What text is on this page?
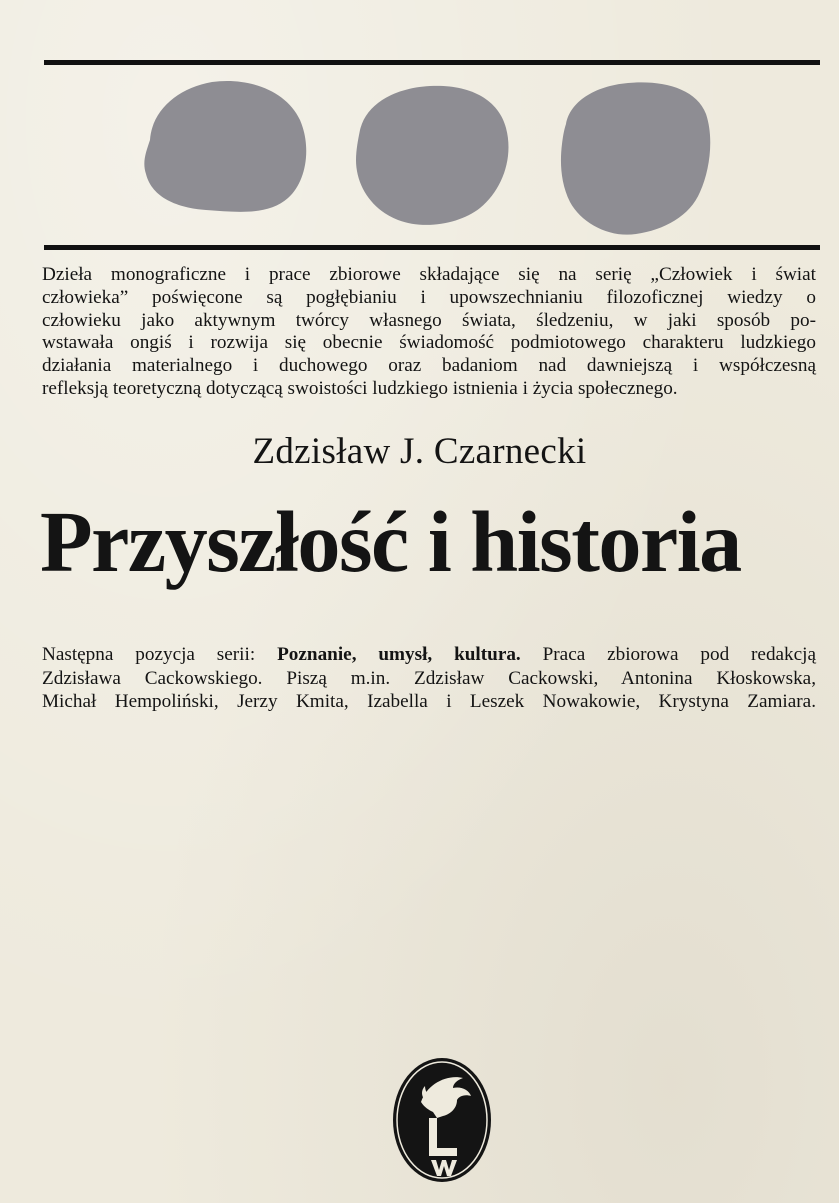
Dzieła monograficzne i prace zbiorowe składające się na serię „Człowiek i świat
człowieka” poświęcone są pogłębianiu i upowszechnianiu filozoficznej wiedzy o
człowieku jako aktywnym twórcy własnego świata, śledzeniu, w jaki sposób po-
wstawała ongiś i rozwija się obecnie świadomość podmiotowego charakteru ludzkiego
działania materialnego i duchowego oraz badaniom nad dawniejszą i współczesną
refleksją teoretyczną dotyczącą swoistości ludzkiego istnienia i życia społecznego.
Zdzisław J. Czarnecki
Przyszłość i historia
Następna pozycja serii: Poznanie, umysł, kultura. Praca zbiorowa pod redakcją
Zdzisława Cackowskiego. Piszą m.in. Zdzisław Cackowski, Antonina Kłoskowska,
Michał Hempoliński, Jerzy Kmita, Izabella i Leszek Nowakowie, Krystyna Zamiara.
LW
